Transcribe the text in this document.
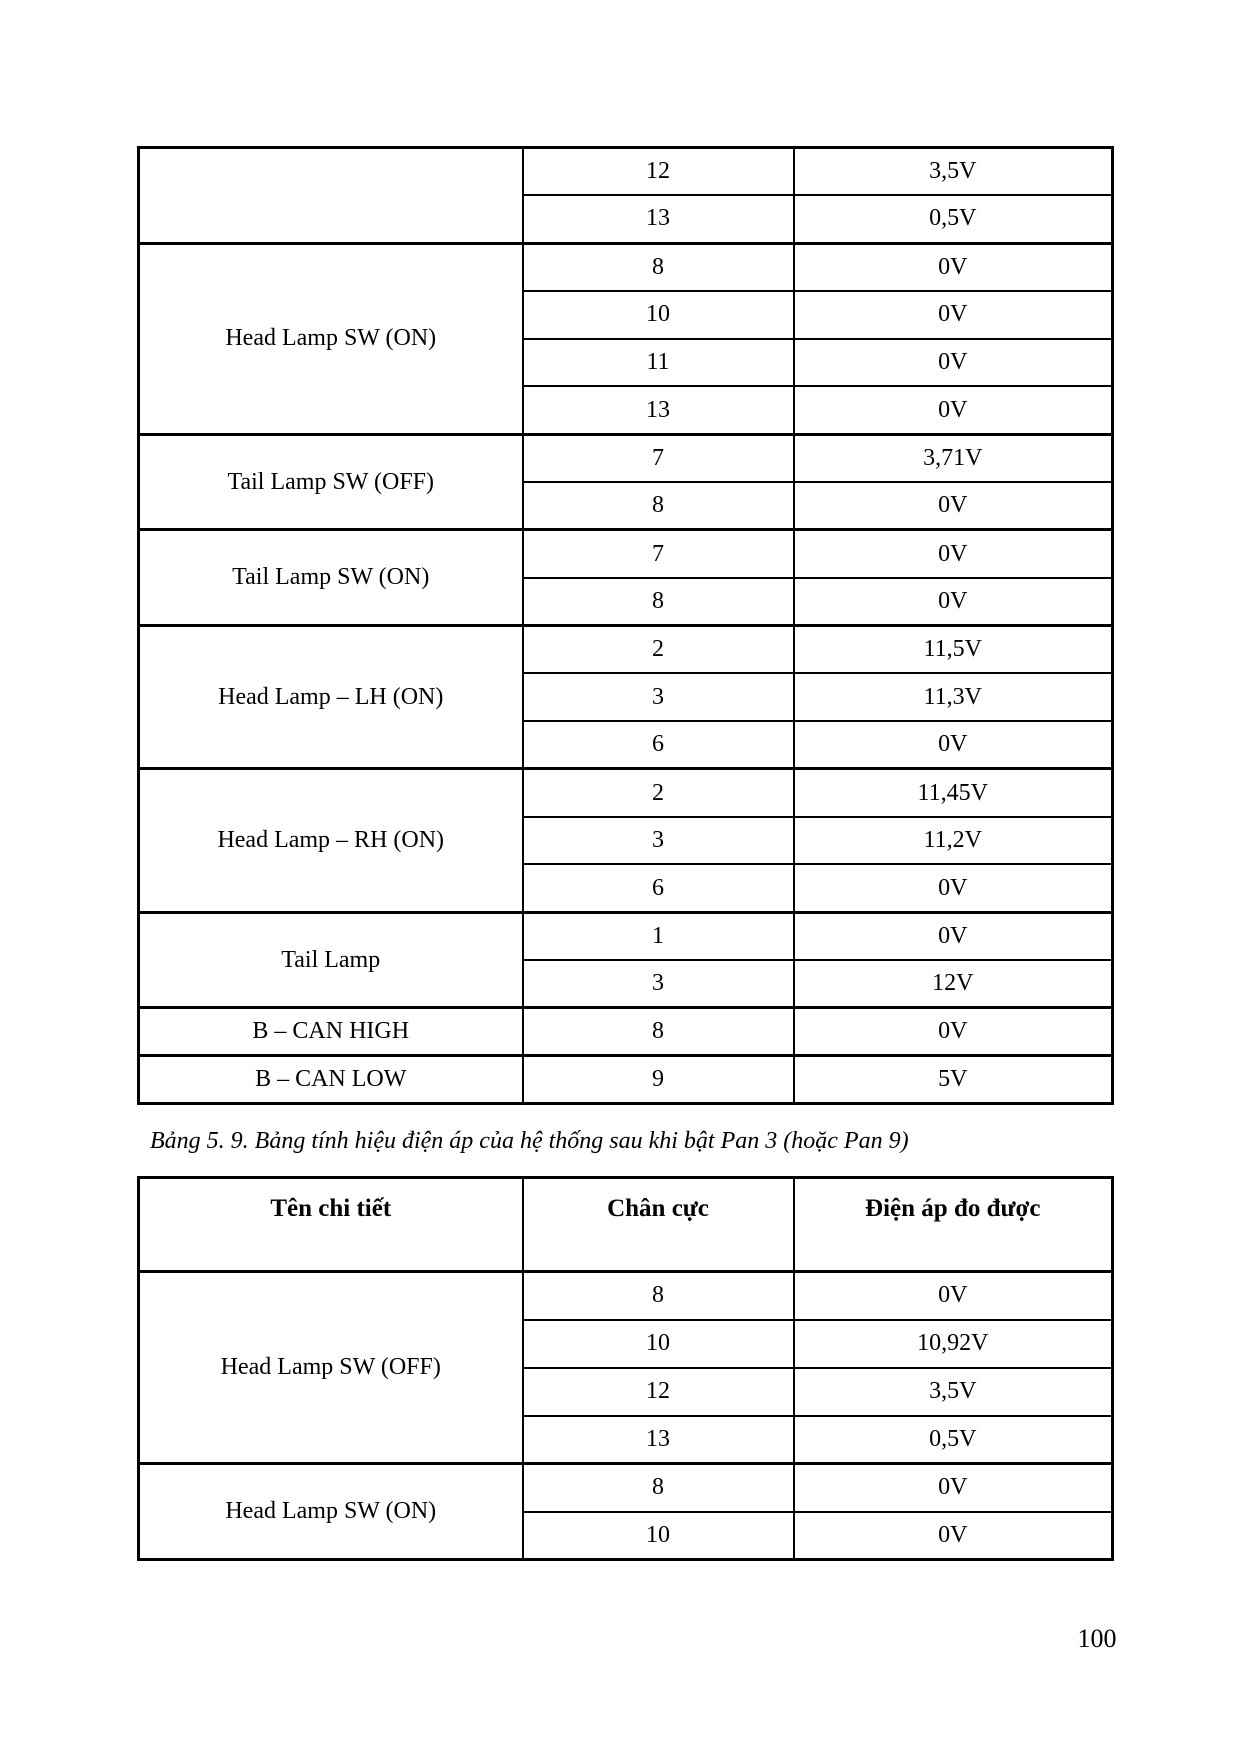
	12	3,5V
	13	0,5V
Head Lamp SW (ON)	8	0V
	10	0V
	11	0V
	13	0V
Tail Lamp SW (OFF)	7	3,71V
	8	0V
Tail Lamp SW (ON)	7	0V
	8	0V
Head Lamp – LH (ON)	2	11,5V
	3	11,3V
	6	0V
Head Lamp – RH (ON)	2	11,45V
	3	11,2V
	6	0V
Tail Lamp	1	0V
	3	12V
B – CAN HIGH	8	0V
B – CAN LOW	9	5V

Bảng 5. 9. Bảng tính hiệu điện áp của hệ thống sau khi bật Pan 3 (hoặc Pan 9)

Tên chi tiết	Chân cực	Điện áp đo được
Head Lamp SW (OFF)	8	0V
	10	10,92V
	12	3,5V
	13	0,5V
Head Lamp SW (ON)	8	0V
	10	0V
100
